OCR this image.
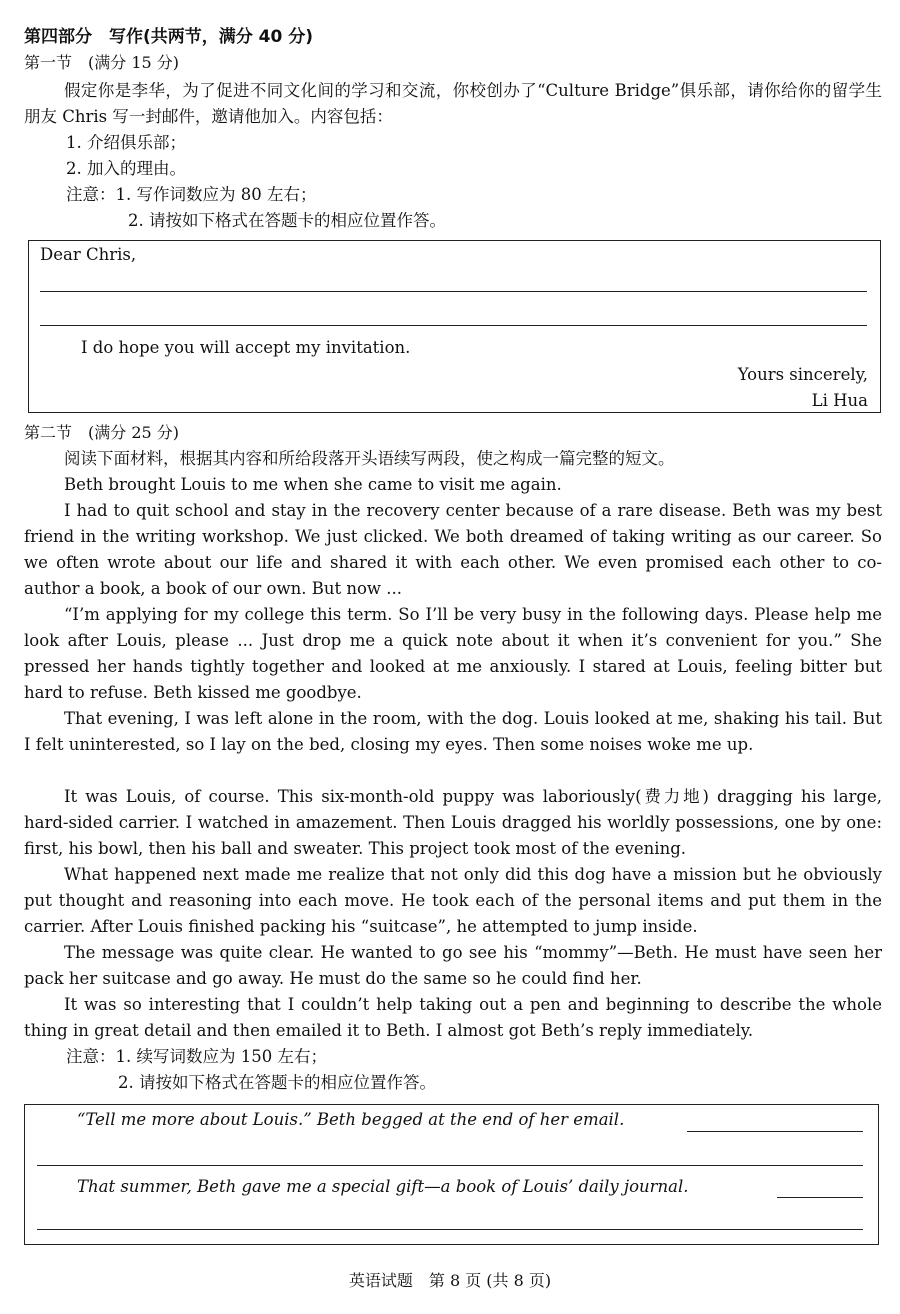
第四部分　写作(共两节，满分 40 分)
第一节　(满分 15 分)
假定你是李华，为了促进不同文化间的学习和交流，你校创办了“Culture Bridge”俱乐部，请你给你的留学生朋友 Chris 写一封邮件，邀请他加入。内容包括：
1. 介绍俱乐部；
2. 加入的理由。
注意：1. 写作词数应为 80 左右；
2. 请按如下格式在答题卡的相应位置作答。
Dear Chris,
I do hope you will accept my invitation.
Yours sincerely,
Li Hua
第二节　(满分 25 分)
阅读下面材料，根据其内容和所给段落开头语续写两段，使之构成一篇完整的短文。
Beth brought Louis to me when she came to visit me again.
I had to quit school and stay in the recovery center because of a rare disease. Beth was my best friend in the writing workshop. We just clicked. We both dreamed of taking writing as our career. So we often wrote about our life and shared it with each other. We even promised each other to co-author a book, a book of our own. But now ...
“I’m applying for my college this term. So I’ll be very busy in the following days. Please help me look after Louis, please ... Just drop me a quick note about it when it’s convenient for you.” She pressed her hands tightly together and looked at me anxiously. I stared at Louis, feeling bitter but hard to refuse. Beth kissed me goodbye.
That evening, I was left alone in the room, with the dog. Louis looked at me, shaking his tail. But I felt uninterested, so I lay on the bed, closing my eyes. Then some noises woke me up.
It was Louis, of course. This six-month-old puppy was laboriously(费力地) dragging his large, hard-sided carrier. I watched in amazement. Then Louis dragged his worldly possessions, one by one: first, his bowl, then his ball and sweater. This project took most of the evening.
What happened next made me realize that not only did this dog have a mission but he obviously put thought and reasoning into each move. He took each of the personal items and put them in the carrier. After Louis finished packing his “suitcase”, he attempted to jump inside.
The message was quite clear. He wanted to go see his “mommy”—Beth. He must have seen her pack her suitcase and go away. He must do the same so he could find her.
It was so interesting that I couldn’t help taking out a pen and beginning to describe the whole thing in great detail and then emailed it to Beth. I almost got Beth’s reply immediately.
注意：1. 续写词数应为 150 左右；
2. 请按如下格式在答题卡的相应位置作答。
“Tell me more about Louis.” Beth begged at the end of her email.
That summer, Beth gave me a special gift—a book of Louis’ daily journal.
英语试题　第 8 页 (共 8 页)
